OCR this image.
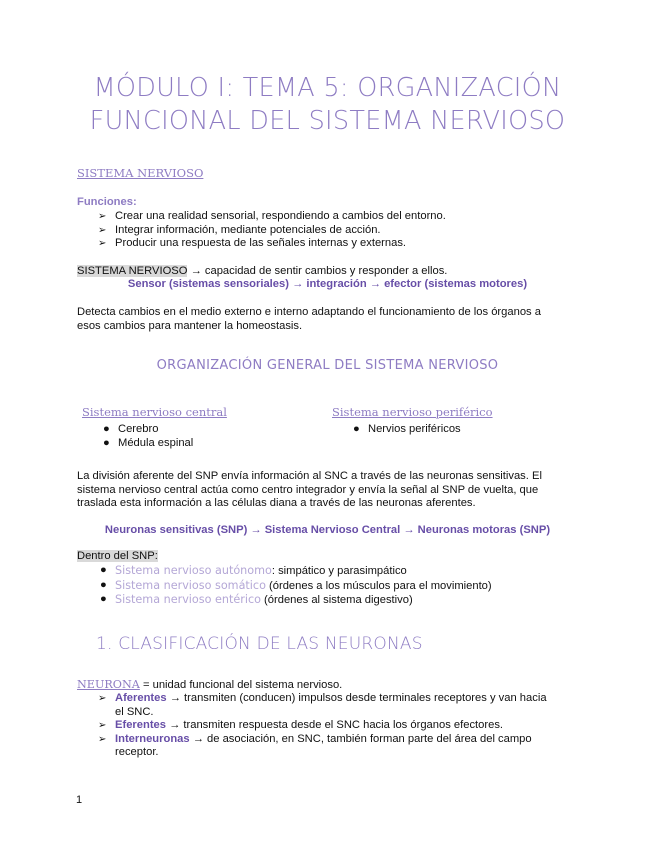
MÓDULO I: TEMA 5: ORGANIZACIÓN
FUNCIONAL DEL SISTEMA NERVIOSO
SISTEMA NERVIOSO
Funciones:
➢ Crear una realidad sensorial, respondiendo a cambios del entorno.
➢ Integrar información, mediante potenciales de acción.
➢ Producir una respuesta de las señales internas y externas.
SISTEMA NERVIOSO → capacidad de sentir cambios y responder a ellos.
Sensor (sistemas sensoriales) → integración → efector (sistemas motores)
Detecta cambios en el medio externo e interno adaptando el funcionamiento de los órganos a
esos cambios para mantener la homeostasis.
ORGANIZACIÓN GENERAL DEL SISTEMA NERVIOSO
Sistema nervioso central
● Cerebro
● Médula espinal
Sistema nervioso periférico
● Nervios periféricos
La división aferente del SNP envía información al SNC a través de las neuronas sensitivas. El
sistema nervioso central actúa como centro integrador y envía la señal al SNP de vuelta, que
traslada esta información a las células diana a través de las neuronas aferentes.
Neuronas sensitivas (SNP) → Sistema Nervioso Central → Neuronas motoras (SNP)
Dentro del SNP:
● Sistema nervioso autónomo: simpático y parasimpático
● Sistema nervioso somático (órdenes a los músculos para el movimiento)
● Sistema nervioso entérico (órdenes al sistema digestivo)
1. CLASIFICACIÓN DE LAS NEURONAS
NEURONA = unidad funcional del sistema nervioso.
➢ Aferentes → transmiten (conducen) impulsos desde terminales receptores y van hacia
el SNC.
➢ Eferentes → transmiten respuesta desde el SNC hacia los órganos efectores.
➢ Interneuronas → de asociación, en SNC, también forman parte del área del campo
receptor.
1
